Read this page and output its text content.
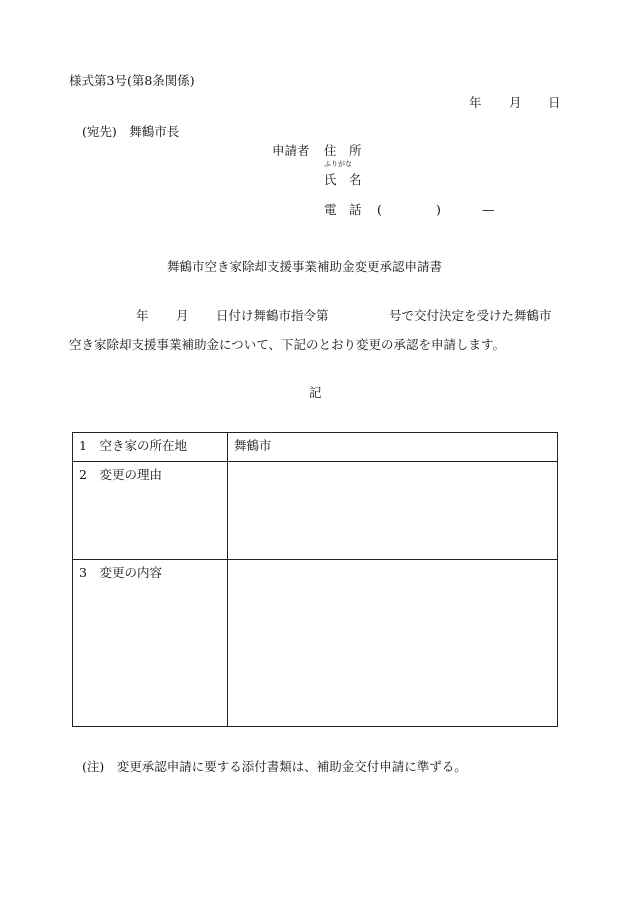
様式第3号(第8条関係)
年 月 日
(宛先)　舞鶴市長
申請者 住　所
ふりがな
氏　名
電　話 (	)	—
舞鶴市空き家除却支援事業補助金変更承認申請書
年 月 日付け舞鶴市指令第	号で交付決定を受けた舞鶴市
空き家除却支援事業補助金について、下記のとおり変更の承認を申請します。
記
1　空き家の所在地	舞鶴市
2　変更の理由	
3　変更の内容	
(注)　変更承認申請に要する添付書類は、補助金交付申請に準ずる。
